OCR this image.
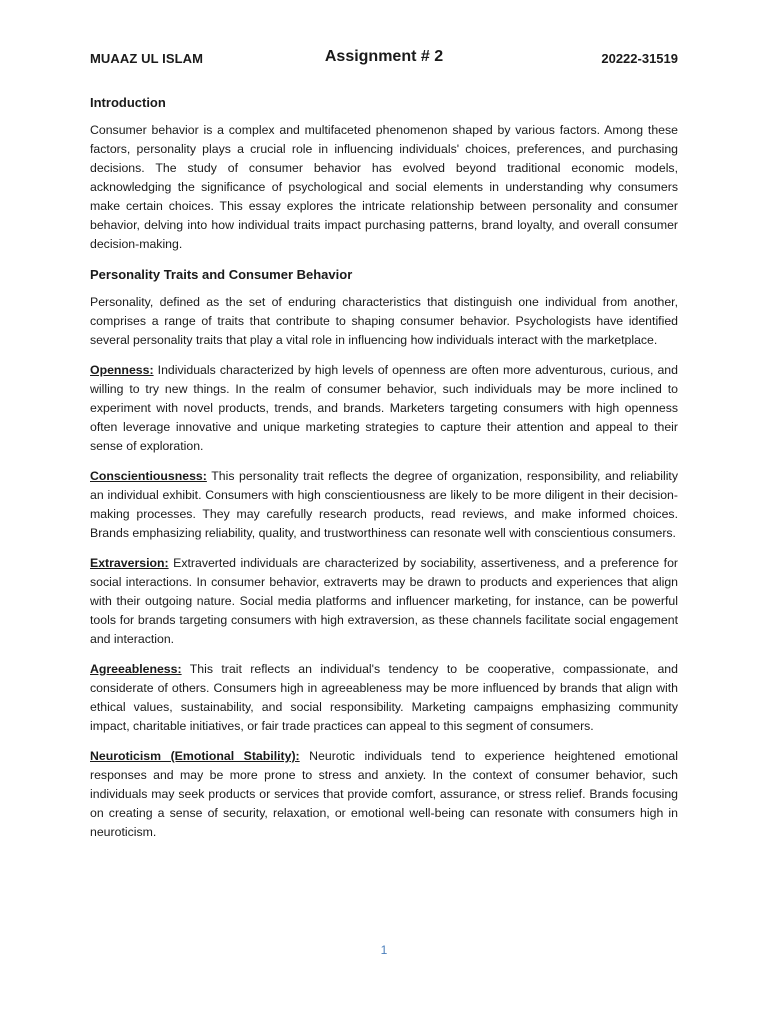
MUAAZ UL ISLAM	Assignment # 2	20222-31519
Introduction

Consumer behavior is a complex and multifaceted phenomenon shaped by various factors. Among these factors, personality plays a crucial role in influencing individuals' choices, preferences, and purchasing decisions. The study of consumer behavior has evolved beyond traditional economic models, acknowledging the significance of psychological and social elements in understanding why consumers make certain choices. This essay explores the intricate relationship between personality and consumer behavior, delving into how individual traits impact purchasing patterns, brand loyalty, and overall consumer decision-making.

Personality Traits and Consumer Behavior

Personality, defined as the set of enduring characteristics that distinguish one individual from another, comprises a range of traits that contribute to shaping consumer behavior. Psychologists have identified several personality traits that play a vital role in influencing how individuals interact with the marketplace.

Openness: Individuals characterized by high levels of openness are often more adventurous, curious, and willing to try new things. In the realm of consumer behavior, such individuals may be more inclined to experiment with novel products, trends, and brands. Marketers targeting consumers with high openness often leverage innovative and unique marketing strategies to capture their attention and appeal to their sense of exploration.

Conscientiousness: This personality trait reflects the degree of organization, responsibility, and reliability an individual exhibit. Consumers with high conscientiousness are likely to be more diligent in their decision-making processes. They may carefully research products, read reviews, and make informed choices. Brands emphasizing reliability, quality, and trustworthiness can resonate well with conscientious consumers.

Extraversion: Extraverted individuals are characterized by sociability, assertiveness, and a preference for social interactions. In consumer behavior, extraverts may be drawn to products and experiences that align with their outgoing nature. Social media platforms and influencer marketing, for instance, can be powerful tools for brands targeting consumers with high extraversion, as these channels facilitate social engagement and interaction.

Agreeableness: This trait reflects an individual's tendency to be cooperative, compassionate, and considerate of others. Consumers high in agreeableness may be more influenced by brands that align with ethical values, sustainability, and social responsibility. Marketing campaigns emphasizing community impact, charitable initiatives, or fair trade practices can appeal to this segment of consumers.

Neuroticism (Emotional Stability): Neurotic individuals tend to experience heightened emotional responses and may be more prone to stress and anxiety. In the context of consumer behavior, such individuals may seek products or services that provide comfort, assurance, or stress relief. Brands focusing on creating a sense of security, relaxation, or emotional well-being can resonate with consumers high in neuroticism.

1
